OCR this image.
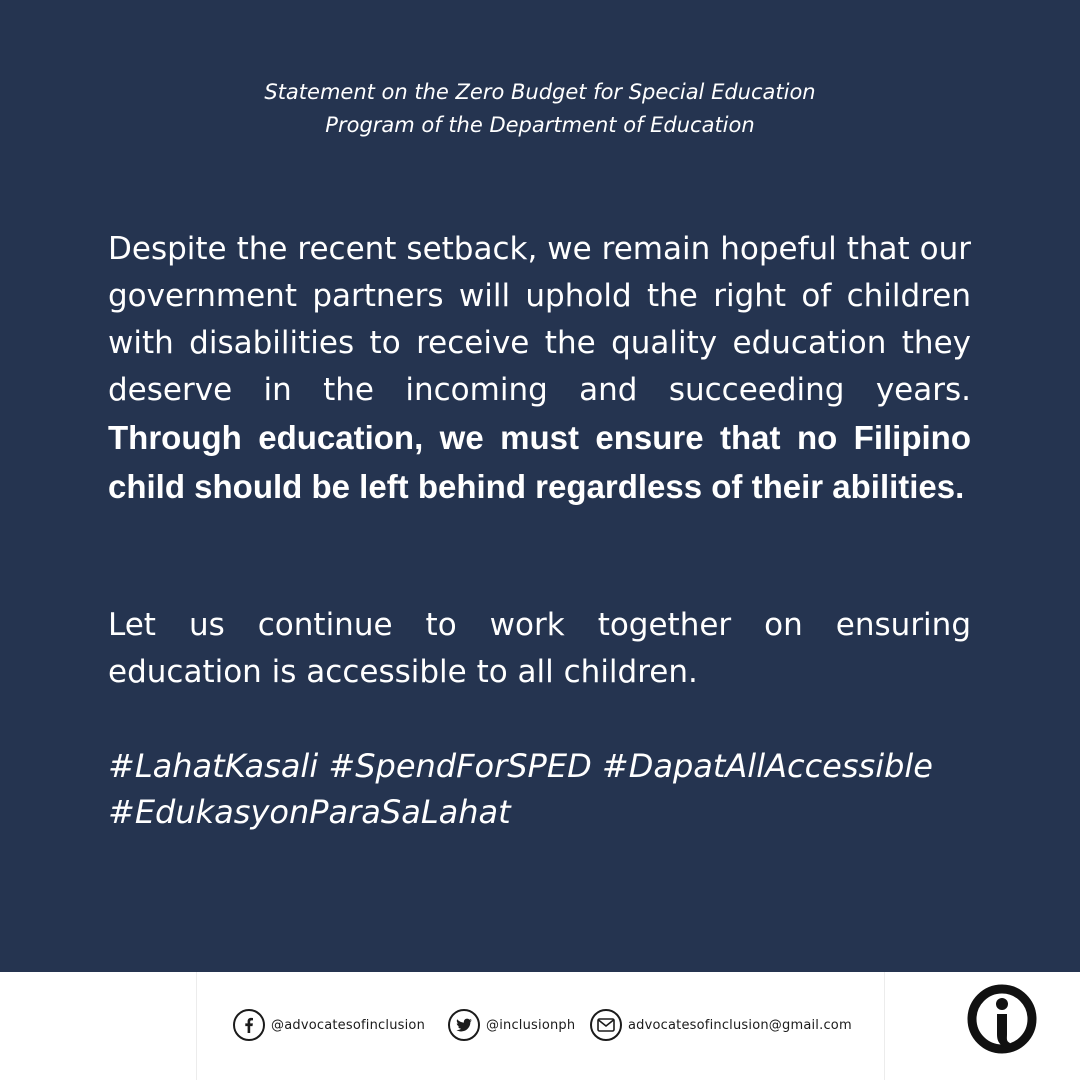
Statement on the Zero Budget for Special Education
Program of the Department of Education

Despite the recent setback, we remain hopeful that our government partners will uphold the right of children with disabilities to receive the quality education they deserve in the incoming and succeeding years. Through education, we must ensure that no Filipino child should be left behind regardless of their abilities.

Let us continue to work together on ensuring education is accessible to all children.

#LahatKasali #SpendForSPED #DapatAllAccessible
#EdukasyonParaSaLahat
@advocatesofinclusion	@inclusionph	advocatesofinclusion@gmail.com
